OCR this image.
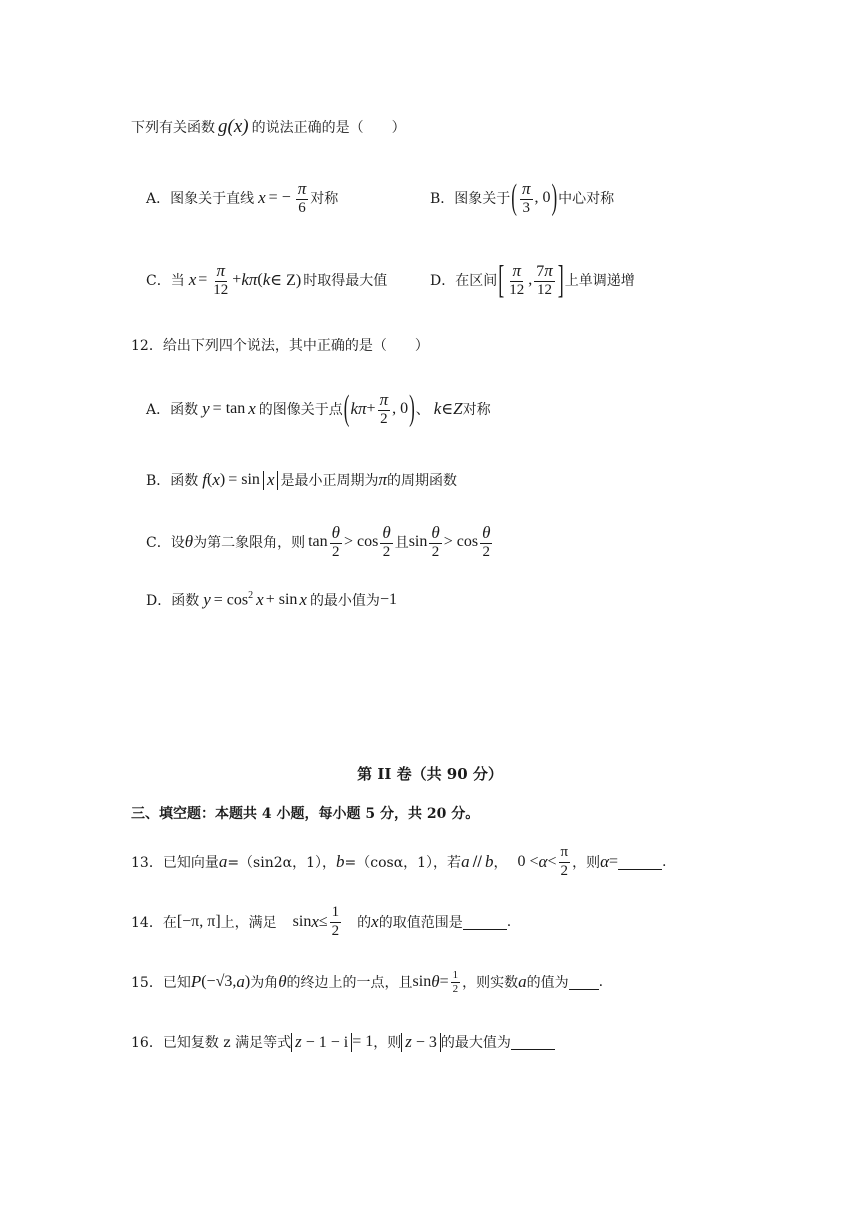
下列有关函数 g(x) 的说法正确的是（　　）
A．图象关于直线 x = − $\frac{\pi}{6}$ 对称	B．图象关于 ( $\frac{\pi}{3}$ , 0 ) 中心对称
C．当 $x = \frac{\pi}{12} + k\pi$ ( k ∈ Z) 时取得最大值	D．在区间 [ $\frac{\pi}{12}$ , $\frac{7\pi}{12}$ ] 上单调递增
12．给出下列四个说法，其中正确的是（　　）
A．函数 y = tan x 的图像关于点 ( $k\pi + \frac{\pi}{2}$ , 0 ) 、 k ∈ Z 对称
B．函数 f ( x ) = sin x 是最小正周期为 π 的周期函数
C．设 θ 为第二象限角，则 $\tan \frac{\theta}{2} > \cos \frac{\theta}{2}$ 且 $\sin \frac{\theta}{2} > \cos \frac{\theta}{2}$
D．函数 $y = \cos^2 x + \sin x$ 的最小值为 −1
第 II 卷（共 90 分）
三、填空题：本题共 4 小题，每小题 5 分，共 20 分。
13．已知向量 a =（sin2α，1）， b =（cosα，1），若 a // b ， $0 < \alpha < \frac{\pi}{2}$ ，则 α =	.
14．在 [−π, π] 上，满足 $\sin x \le \frac{1}{2}$ 的 x 的取值范围是	.
15．已知 P (−√3, a ) 为角 θ 的终边上的一点，且 $\sin \theta = \frac{1}{2}$ ，则实数 a 的值为 .
16．已知复数 z 满足等式 z − 1 − i = 1 ，则 z − 3 的最大值为
